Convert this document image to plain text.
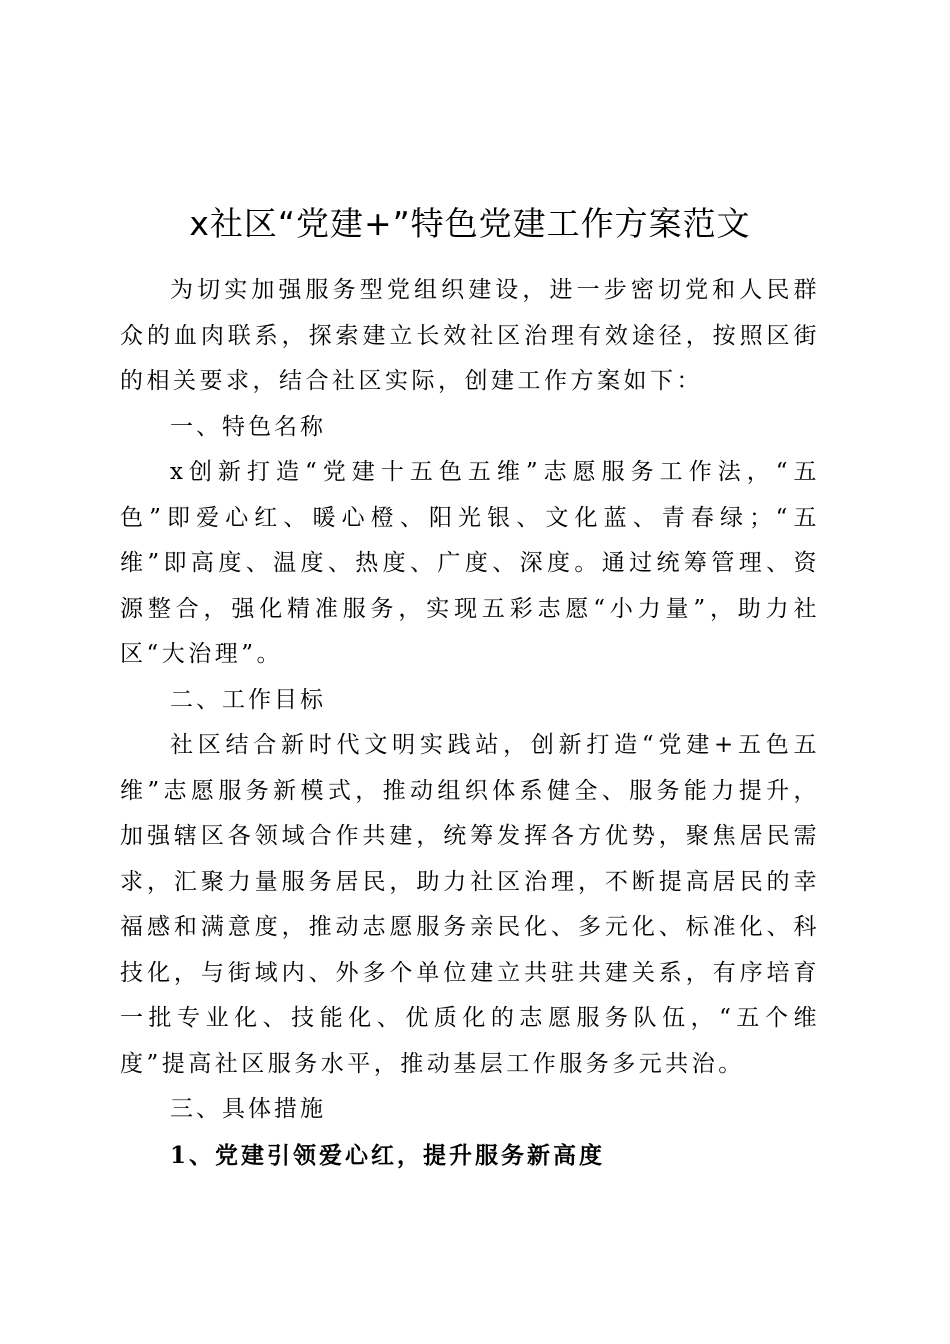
x社区“党建+”特色党建工作方案范文

为切实加强服务型党组织建设，进一步密切党和人民群众的血肉联系，探索建立长效社区治理有效途径，按照区街的相关要求，结合社区实际，创建工作方案如下：

一、特色名称

x创新打造“党建十五色五维”志愿服务工作法，“五色”即爱心红、暖心橙、阳光银、文化蓝、青春绿；“五维”即高度、温度、热度、广度、深度。通过统筹管理、资源整合，强化精准服务，实现五彩志愿“小力量”，助力社区“大治理”。

二、工作目标

社区结合新时代文明实践站，创新打造“党建+五色五维”志愿服务新模式，推动组织体系健全、服务能力提升，加强辖区各领域合作共建，统筹发挥各方优势，聚焦居民需求，汇聚力量服务居民，助力社区治理，不断提高居民的幸福感和满意度，推动志愿服务亲民化、多元化、标准化、科技化，与街域内、外多个单位建立共驻共建关系，有序培育一批专业化、技能化、优质化的志愿服务队伍，“五个维度”提高社区服务水平，推动基层工作服务多元共治。

三、具体措施
1、党建引领爱心红，提升服务新高度
